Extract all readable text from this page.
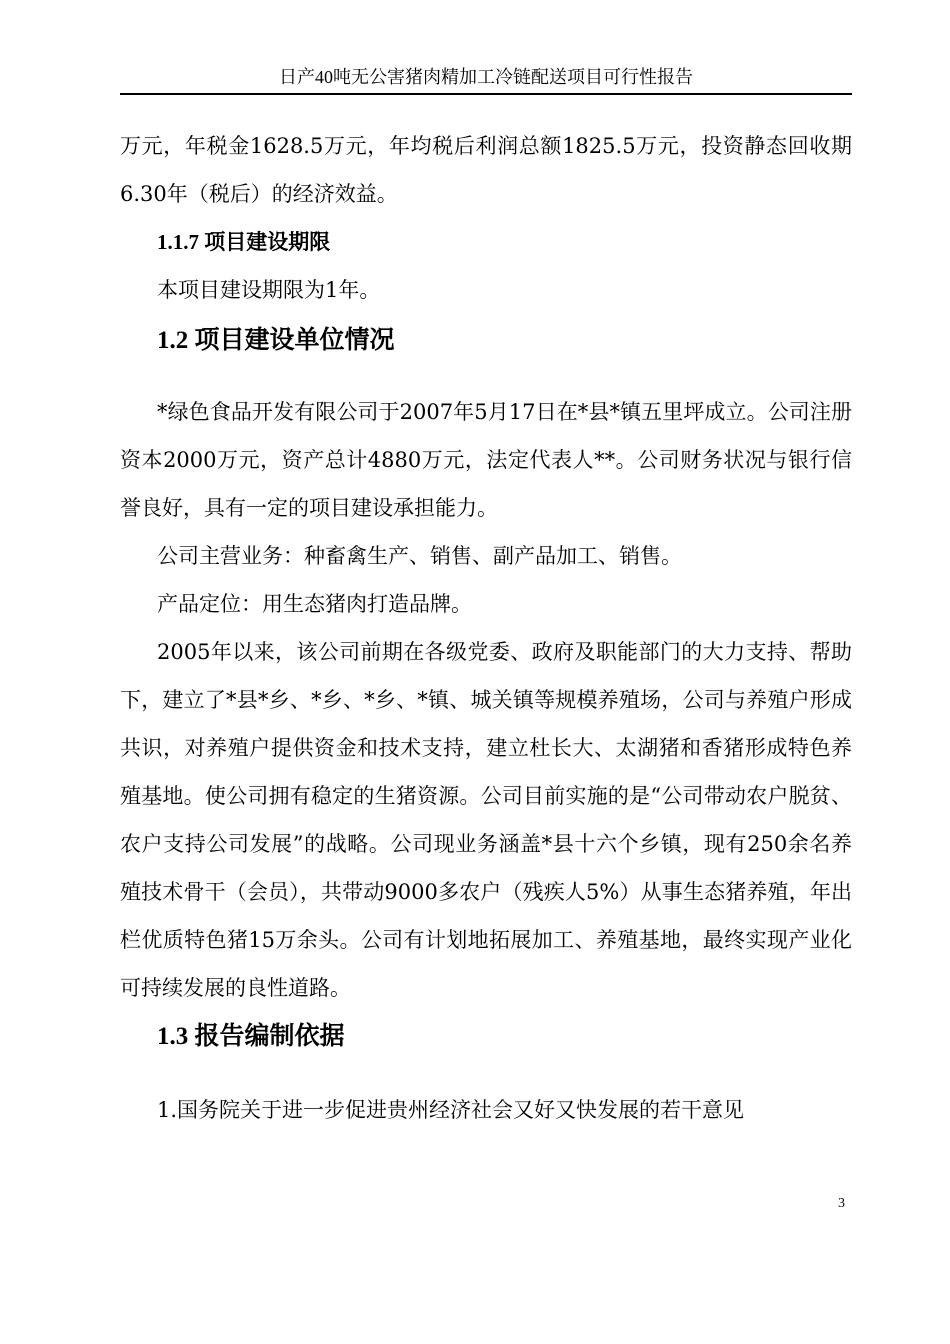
日产40吨无公害猪肉精加工冷链配送项目可行性报告

万元，年税金1628.5万元，年均税后利润总额1825.5万元，投资静态回收期6.30年（税后）的经济效益。

1.1.7 项目建设期限

本项目建设期限为1年。

1.2 项目建设单位情况

*绿色食品开发有限公司于2007年5月17日在*县*镇五里坪成立。公司注册资本2000万元，资产总计4880万元，法定代表人**。公司财务状况与银行信誉良好，具有一定的项目建设承担能力。

公司主营业务：种畜禽生产、销售、副产品加工、销售。

产品定位：用生态猪肉打造品牌。

2005年以来，该公司前期在各级党委、政府及职能部门的大力支持、帮助下，建立了*县*乡、*乡、*乡、*镇、城关镇等规模养殖场，公司与养殖户形成共识，对养殖户提供资金和技术支持，建立杜长大、太湖猪和香猪形成特色养殖基地。使公司拥有稳定的生猪资源。公司目前实施的是“公司带动农户脱贫、农户支持公司发展”的战略。公司现业务涵盖*县十六个乡镇，现有250余名养殖技术骨干（会员），共带动9000多农户（残疾人5%）从事生态猪养殖，年出栏优质特色猪15万余头。公司有计划地拓展加工、养殖基地，最终实现产业化可持续发展的良性道路。

1.3 报告编制依据

1.国务院关于进一步促进贵州经济社会又好又快发展的若干意见

3
